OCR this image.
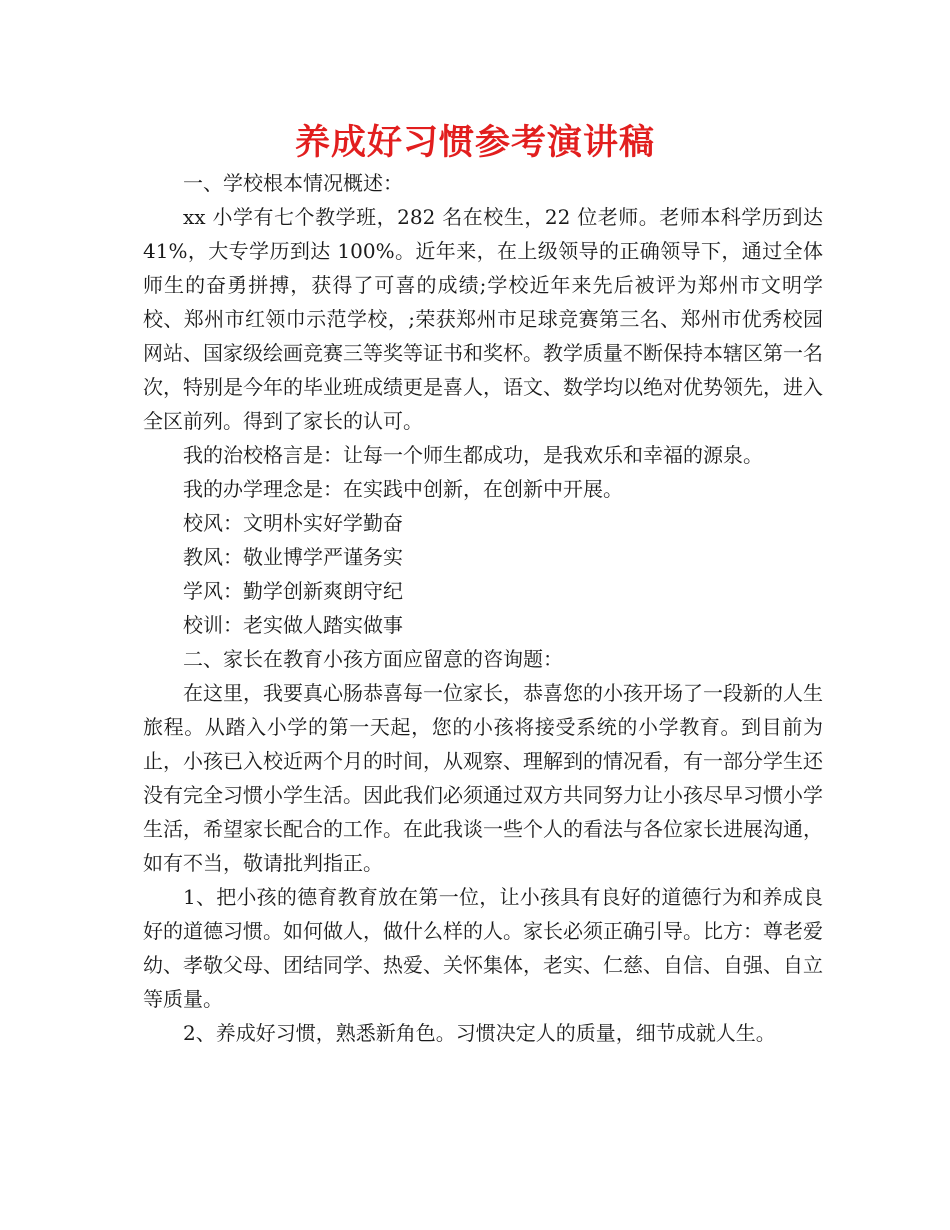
养成好习惯参考演讲稿

一、学校根本情况概述：

xx 小学有七个教学班，282 名在校生，22 位老师。老师本科学历到达 41%，大专学历到达 100%。近年来，在上级领导的正确领导下，通过全体师生的奋勇拼搏，获得了可喜的成绩;学校近年来先后被评为郑州市文明学校、郑州市红领巾示范学校，;荣获郑州市足球竞赛第三名、郑州市优秀校园网站、国家级绘画竞赛三等奖等证书和奖杯。教学质量不断保持本辖区第一名次，特别是今年的毕业班成绩更是喜人，语文、数学均以绝对优势领先，进入全区前列。得到了家长的认可。

我的治校格言是：让每一个师生都成功，是我欢乐和幸福的源泉。

我的办学理念是：在实践中创新，在创新中开展。

校风：文明朴实好学勤奋

教风：敬业博学严谨务实

学风：勤学创新爽朗守纪

校训：老实做人踏实做事

二、家长在教育小孩方面应留意的咨询题：

在这里，我要真心肠恭喜每一位家长，恭喜您的小孩开场了一段新的人生旅程。从踏入小学的第一天起，您的小孩将接受系统的小学教育。到目前为止，小孩已入校近两个月的时间，从观察、理解到的情况看，有一部分学生还没有完全习惯小学生活。因此我们必须通过双方共同努力让小孩尽早习惯小学生活，希望家长配合的工作。在此我谈一些个人的看法与各位家长进展沟通，如有不当，敬请批判指正。

1、把小孩的德育教育放在第一位，让小孩具有良好的道德行为和养成良好的道德习惯。如何做人，做什么样的人。家长必须正确引导。比方：尊老爱幼、孝敬父母、团结同学、热爱、关怀集体，老实、仁慈、自信、自强、自立等质量。

2、养成好习惯，熟悉新角色。习惯决定人的质量，细节成就人生。
